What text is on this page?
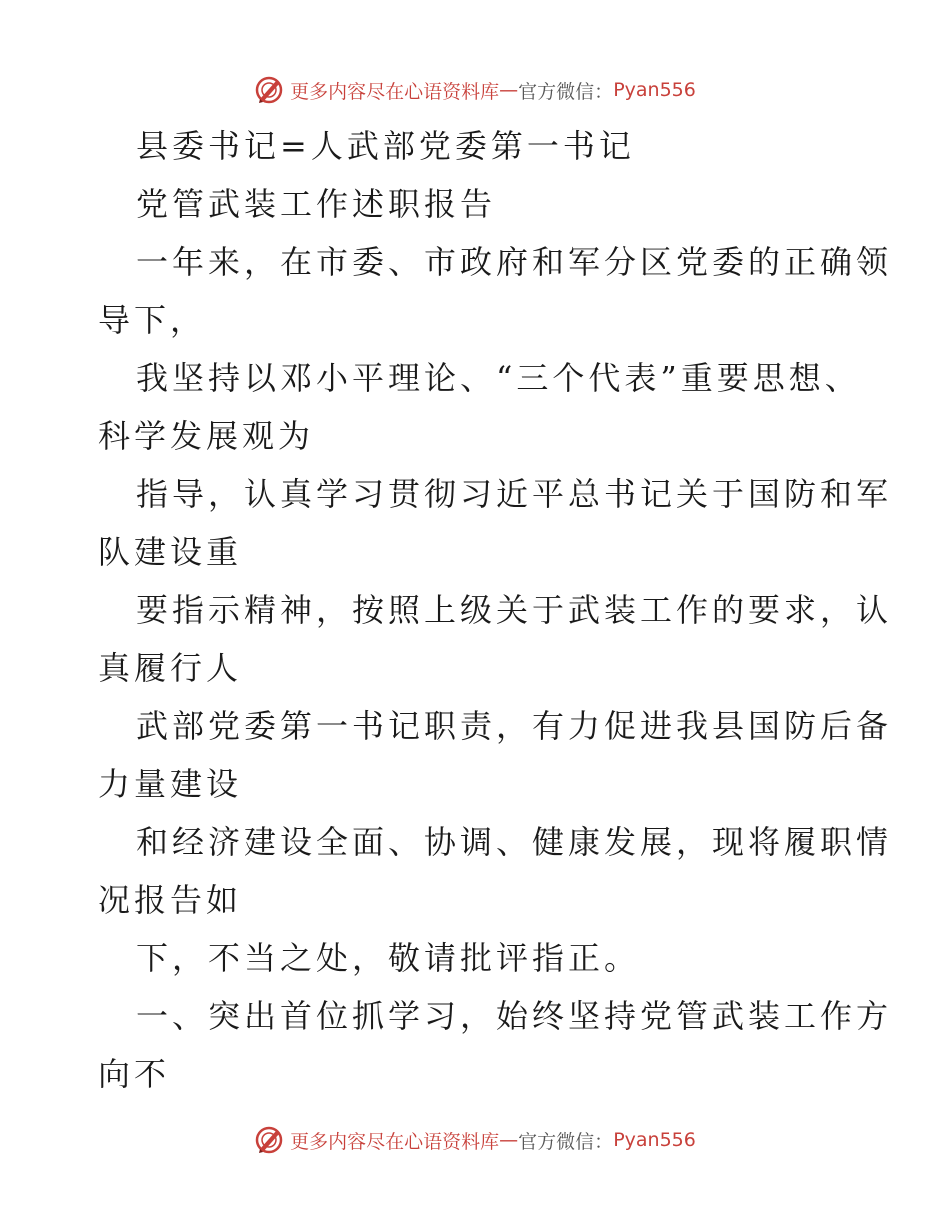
更多内容尽在心语资料库 — 官方微信： Pyan556
县委书记=人武部党委第一书记
党管武装工作述职报告
一年来，在市委、市政府和军分区党委的正确领
导下，
我坚持以邓小平理论、“三个代表”重要思想、
科学发展观为
指导，认真学习贯彻习近平总书记关于国防和军
队建设重
要指示精神，按照上级关于武装工作的要求，认
真履行人
武部党委第一书记职责，有力促进我县国防后备
力量建设
和经济建设全面、协调、健康发展，现将履职情
况报告如
下，不当之处，敬请批评指正。
一、突出首位抓学习，始终坚持党管武装工作方
向不
更多内容尽在心语资料库 — 官方微信： Pyan556
